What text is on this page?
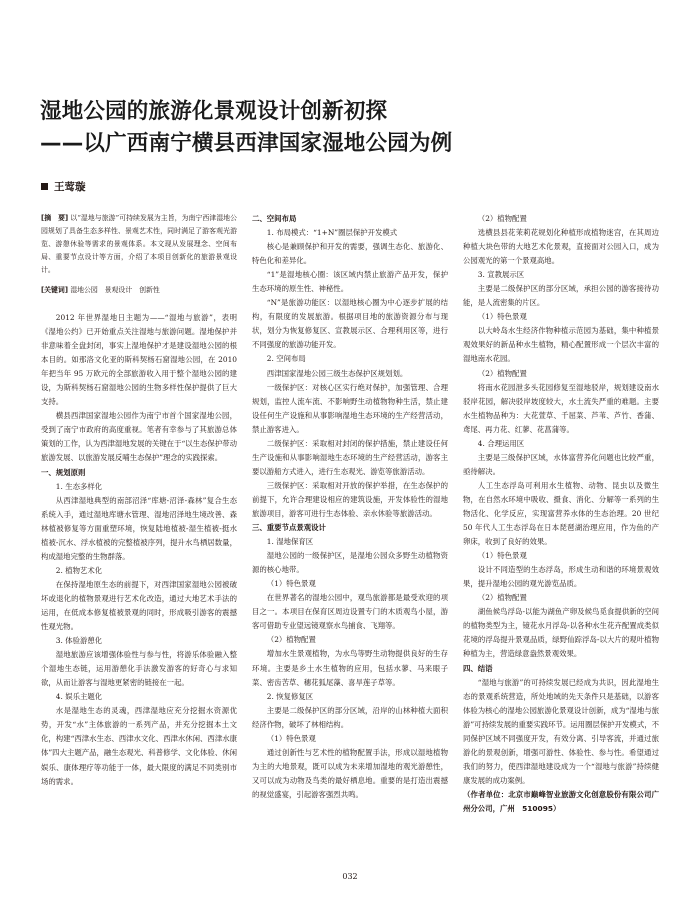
湿地公园的旅游化景观设计创新初探
——以广西南宁横县西津国家湿地公园为例
王莺璇

[摘　要] 以“湿地与旅游”可持续发展为主旨，为南宁西津湿地公园规划了具备生态多样性、景观艺术性，同时满足了游客观光游览、游憩休验等需求的景观体系。本文现从发展理念、空间布局、重要节点设计等方面，介绍了本项目创新化的旅游景观设计。

[关键词] 湿地公园　景观设计　创新性

2012 年世界湿地日主题为——“湿地与旅游”，表明《湿地公约》已开始重点关注湿地与旅游问题。湿地保护并非意味着全盘封闭，事实上湿地保护才是建设湿地公园的根本目的。如那洛文化亚的斯科契杨石窟湿地公园，在 2010 年把当年 95 万欧元的全部旅游收入用于整个湿地公园的建设，为斯科契杨石窟湿地公园的生物多样性保护提供了巨大支持。

横县西津国家湿地公园作为南宁市首个国家湿地公园，受到了南宁市政府的高度重视。笔者有幸参与了其旅游总体策划的工作，认为西津湿地发展的关键在于“以生态保护带动旅游发展、以旅游发展反哺生态保护”理念的实践探索。

一、规划原则

1. 生态多样化

从西津湿地典型的南部沼泽“库塘-沼泽-森林”复合生态系统入手，通过湿地库塘水管理、湿地沼泽地生境改善、森林植被修复等方面重塑环境，恢复陆地植被-湿生植被-挺水植被-沉水、浮水植被的完整植被序列，提升水鸟栖居数量，构成湿地完整的生物群落。

2. 植物艺术化

在保持湿地原生态的前提下，对西津国家湿地公园被破坏或退化的植物景观进行艺术化改造，通过大地艺术手法的运用，在低成本修复植被景观的同时，形成吸引游客的震撼性观光物。

3. 体验游憩化

湿地旅游应该增强体验性与参与性，将游乐体验融入整个湿地生态链，运用游憩化手法激发游客的好奇心与求知欲，从而让游客与湿地更紧密的链接在一起。

4. 娱乐主题化

水是湿地生态的灵魂，西津湿地应充分挖掘水资源优势，开发“水”主体旅游的一系列产品，并充分挖掘本土文化，构建“西津水生态、西津水文化、西津水休闲、西津水康体”四大主题产品，融生态观光、科普修学、文化体验、休闲娱乐、康体理疗等功能于一体，最大限度的满足不同类别市场的需求。

二、空间布局

1. 布局模式：“1+N”圈层保护开发模式

核心是兼顾保护和开发的需要，强调生态化、旅游化、特色化和差异化。

“1”是湿地核心圈：该区域内禁止旅游产品开发，保护生态环境的原生性、神秘性。

“N”是旅游功能区：以湿地核心圈为中心逐步扩展的结构，有限度的发展旅游。根据项目地的旅游资源分布与现状，划分为恢复修复区、宣教展示区、合理利用区等，进行不同强度的旅游功能开发。

2. 空间布局

西津国家湿地公园三级生态保护区规划划。

一级保护区：对核心区实行绝对保护，加强管理、合理规划，监控人流车流、不影响野生动植物物种生活，禁止建设任何生产设施和从事影响湿地生态环境的生产经营活动，禁止游客进入。

二级保护区：采取相对封闭的保护措施，禁止建设任何生产设施和从事影响湿地生态环境的生产经营活动，游客主要以游船方式进入，进行生态观光、游览等旅游活动。

三级保护区：采取相对开放的保护举措，在生态保护的前提下，允许合理建设相应的建筑设施，开发体验性的湿地旅游项目，游客可进行生态体验、亲水休验等旅游活动。

三、重要节点景观设计

1. 湿地保育区

湿地公园的一级保护区，是湿地公园众多野生动植物资源的核心地带。

（1）特色景观

在世界著名的湿地公园中，观鸟旅游都是最受欢迎的项目之一。本项目在保育区周边设置专门的木质观鸟小屋，游客可借助专业望远镜观察水鸟捕食、飞翔等。

（2）植物配置

增加水生景观植物，为水鸟等野生动物提供良好的生存环境。主要是乡土水生植物的应用，包括水蓼、马来眼子菜、密齿苦草、穗花狐尾藻、喜旱莲子草等。

2. 恢复修复区

主要是二级保护区的部分区域，沿岸的山林种植大面积经济作物，破坏了林相结构。

（1）特色景观

通过创新性与艺术性的植物配置手法，形成以湿地植物为主的大地景观，既可以成为未来增加湿地的观光游憩性，又可以成为动物及鸟类的最好栖息地。重要的是打造出震撼的视觉盛宴，引起游客强烈共鸣。

（2）植物配置

选横县县花茉莉花规划化种植形成植物迷宫，在其周边种植大块色带的大地艺术化景观，直接面对公园入口，成为公园观光的第一个景观高地。

3. 宣教展示区

主要是二级保护区的部分区域，承担公园的游客接待功能，是人流密集的片区。

（1）特色景观

以大岭岛水生经济作物种植示范园为基础，集中种植景观效果好的新品种水生植物，精心配置形成一个层次丰富的湿地南水花园。

（2）植物配置

将南水花园泄多头花园修复至湿地驳岸，规划建设南水驳岸花园，解决驳岸坡度较大，水土流失严重的难题。主要水生植物品种为：大花萱草、千屈菜、芦苇、芦竹、香蒲、鸢尾、再力花、红蓼、花菖蒲等。

4. 合理运用区

主要是三级保护区域，水体富营养化问题也比较严重，亟待解决。

人工生态浮岛可利用水生植物、动物、昆虫以及微生物，在自然水环境中吸收、摄食、消化、分解等一系列的生物活化、化学反应，实现富营养水体的生态治理。20 世纪 50 年代人工生态浮岛在日本琵琶湖治理应用，作为鱼的产卵床，收到了良好的效果。

（1）特色景观

设计不同造型的生态浮岛，形成生动和谐的环境景观效果，提升湿地公园的观光游览品质。

（2）植物配置

湖鱼候鸟浮岛-以能为湖鱼产卵及候鸟觅食提供新的空间的植物类型为主，镜花水月浮岛-以各种水生花卉配置成类似花境的浮岛提升景观品质，绿野仙踪浮岛-以大片的观叶植物种植为主，营造绿意盎然景观效果。

四、结语

“湿地与旅游”的可持续发展已经成为共识，因此湿地生态的景观系统营造，所处地域的先天条件只是基础，以游客体验为核心的湿地公园旅游化景观设计创新，成为“湿地与旅游”可持续发展的重要实践环节。运用圈层保护开发模式，不同保护区域不同强度开发，有效分离、引导客流，并通过旅游化的景观创新，增强可游性、体验性、参与性。希望通过我们的努力，使西津湿地建设成为一个“湿地与旅游”持续健康发展的成功案例。

（作者单位：北京市巅峰智业旅游文化创意股份有限公司广州分公司，广州　510095）

032
